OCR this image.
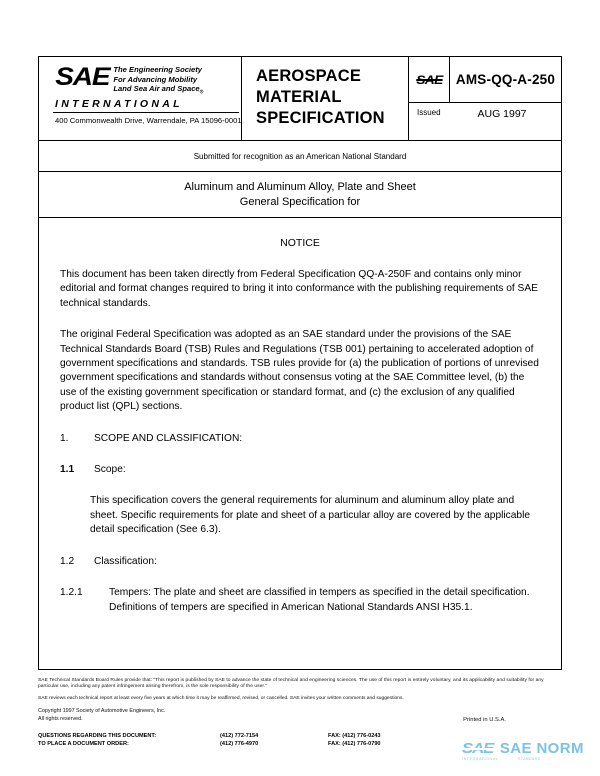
SAE The Engineering Society
For Advancing Mobility
Land Sea Air and Space$_®$
INTERNATIONAL
400 Commonwealth Drive, Warrendale, PA 15096-0001
AEROSPACE
MATERIAL
SPECIFICATION
SAE	AMS-QQ-A-250
Issued	AUG 1997
Submitted for recognition as an American National Standard
Aluminum and Aluminum Alloy, Plate and Sheet
General Specification for
NOTICE

This document has been taken directly from Federal Specification QQ-A-250F and contains only minor editorial and format changes required to bring it into conformance with the publishing requirements of SAE technical standards.

The original Federal Specification was adopted as an SAE standard under the provisions of the SAE Technical Standards Board (TSB) Rules and Regulations (TSB 001) pertaining to accelerated adoption of government specifications and standards. TSB rules provide for (a) the publication of portions of unrevised government specifications and standards without consensus voting at the SAE Committee level, (b) the use of the existing government specification or standard format, and (c) the exclusion of any qualified product list (QPL) sections.

1.	SCOPE AND CLASSIFICATION:
1.1	Scope:
This specification covers the general requirements for aluminum and aluminum alloy plate and sheet. Specific requirements for plate and sheet of a particular alloy are covered by the applicable detail specification (See 6.3).
1.2	Classification:
1.2.1	Tempers: The plate and sheet are classified in tempers as specified in the detail specification. Definitions of tempers are specified in American National Standards ANSI H35.1.
SAE Technical Standards Board Rules provide that: “This report is published by SAE to advance the state of technical and engineering sciences. The use of this report is entirely voluntary, and its applicability and suitability for any particular use, including any patent infringement arising therefrom, is the sole responsibility of the user.”
SAE reviews each technical report at least every five years at which time it may be reaffirmed, revised, or cancelled. SAE invites your written comments and suggestions.
Copyright 1997 Society of Automotive Engineers, Inc.
All rights reserved.	Printed in U.S.A.
QUESTIONS REGARDING THIS DOCUMENT:	(412) 772-7154	FAX: (412) 776-0243
TO PLACE A DOCUMENT ORDER:	(412) 776-4970	FAX: (412) 776-0790	SAE SAE NORM
INTERNATIONAL	STANDARD
